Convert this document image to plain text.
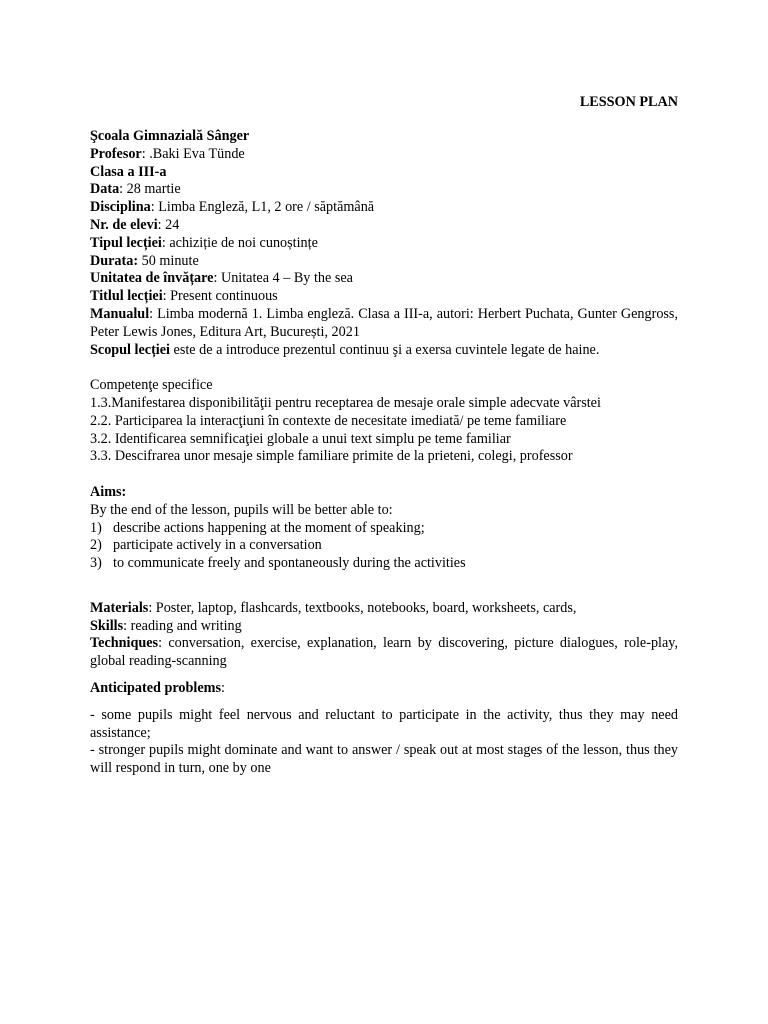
LESSON PLAN
Şcoala Gimnazială Sânger
Profesor: .Baki Eva Tünde
Clasa a III-a
Data: 28 martie
Disciplina: Limba Engleză, L1, 2 ore / săptămână
Nr. de elevi: 24
Tipul lecției: achiziție de noi cunoștințe
Durata: 50 minute
Unitatea de învățare: Unitatea 4 – By the sea
Titlul lecției: Present continuous
Manualul: Limba modernă 1. Limba engleză. Clasa a III-a, autori: Herbert Puchata, Gunter Gengross, Peter Lewis Jones, Editura Art, București, 2021
Scopul lecției este de a introduce prezentul continuu şi a exersa cuvintele legate de haine.
Competenţe specifice
1.3.Manifestarea disponibilităţii pentru receptarea de mesaje orale simple adecvate vârstei
2.2. Participarea la interacţiuni în contexte de necesitate imediată/ pe teme familiare
3.2. Identificarea semnificaţiei globale a unui text simplu pe teme familiar
3.3. Descifrarea unor mesaje simple familiare primite de la prieteni, colegi, professor
Aims:
By the end of the lesson, pupils will be better able to:
1) describe actions happening at the moment of speaking;
2) participate actively in a conversation
3) to communicate freely and spontaneously during the activities
Materials: Poster, laptop, flashcards, textbooks, notebooks, board, worksheets, cards,
Skills: reading and writing
Techniques: conversation, exercise, explanation, learn by discovering, picture dialogues, role-play, global reading-scanning
Anticipated problems:
- some pupils might feel nervous and reluctant to participate in the activity, thus they may need assistance;
- stronger pupils might dominate and want to answer / speak out at most stages of the lesson, thus they will respond in turn, one by one
